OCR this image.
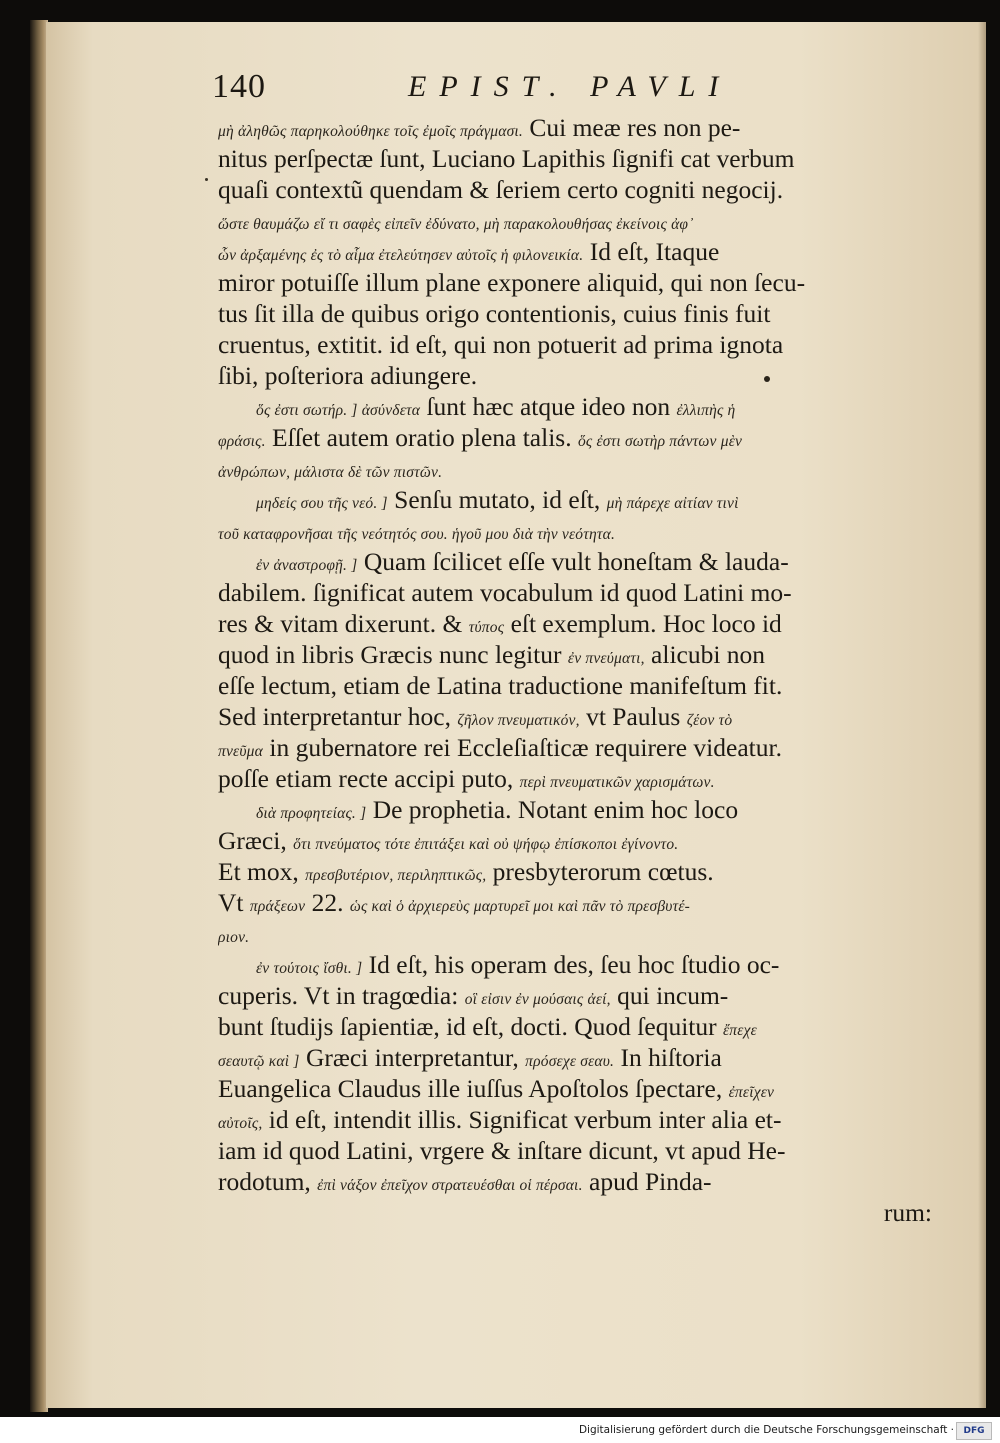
140	EPIST. PAVLI
μὴ ἀληθῶς παρηκολούθηκε τοῖς ἐμοῖς πράγμασι. Cui meæ res non pe-
nitus perſpectæ ſunt, Luciano Lapithis ſignifi cat verbum
quaſi contextũ quendam & ſeriem certo cogniti negocij.
ὥστε θαυμάζω εἴ τι σαφὲς εἰπεῖν ἐδύνατο, μὴ παρακολουθήσας ἐκείνοις ἀφ᾽
ὧν ἀρξαμένης ἐς τὸ αἷμα ἐτελεύτησεν αὐτοῖς ἡ φιλονεικία. Id eſt, Itaque
miror potuiſſe illum plane exponere aliquid, qui non ſecu-
tus ſit illa de quibus origo contentionis, cuius finis fuit
cruentus, extitit. id eſt, qui non potuerit ad prima ignota
ſibi, poſteriora adiungere.
ὅς ἐστι σωτήρ. ] ἀσύνδετα ſunt hæc atque ideo non ἐλλιπὴς ἡ
φράσις. Eſſet autem oratio plena talis. ὅς ἐστι σωτὴρ πάντων μὲν
ἀνθρώπων, μάλιστα δὲ τῶν πιστῶν.
μηδείς σου τῆς νεό. ] Senſu mutato, id eſt, μὴ πάρεχε αἰτίαν τινὶ
τοῦ καταφρονῆσαι τῆς νεότητός σου. ἡγοῦ μου διὰ τὴν νεότητα.
ἐν ἀναστροφῇ. ] Quam ſcilicet eſſe vult honeſtam & lauda-
dabilem. ſignificat autem vocabulum id quod Latini mo-
res & vitam dixerunt. & τύπος eſt exemplum. Hoc loco id
quod in libris Græcis nunc legitur ἐν πνεύματι, alicubi non
eſſe lectum, etiam de Latina traductione manifeſtum fit.
Sed interpretantur hoc, ζῆλον πνευματικόν, vt Paulus ζέον τὸ
πνεῦμα in gubernatore rei Eccleſiaſticæ requirere videatur.
poſſe etiam recte accipi puto, περὶ πνευματικῶν χαρισμάτων.
διὰ προφητείας. ] De prophetia. Notant enim hoc loco
Græci, ὅτι πνεύματος τότε ἐπιτάξει καὶ οὐ ψήφῳ ἐπίσκοποι ἐγίνοντο.
Et mox, πρεσβυτέριον, περιληπτικῶς, presbyterorum cœtus.
Vt πράξεων 22. ὡς καὶ ὁ ἀρχιερεὺς μαρτυρεῖ μοι καὶ πᾶν τὸ πρεσβυτέ-
ριον.
ἐν τούτοις ἴσθι. ] Id eſt, his operam des, ſeu hoc ſtudio oc-
cuperis. Vt in tragœdia: οἳ εἰσιν ἐν μούσαις ἀεί, qui incum-
bunt ſtudijs ſapientiæ, id eſt, docti. Quod ſequitur ἔπεχε
σεαυτῷ καὶ ] Græci interpretantur, πρόσεχε σεαυ. In hiſtoria
Euangelica Claudus ille iuſſus Apoſtolos ſpectare, ἐπεῖχεν
αὐτοῖς, id eſt, intendit illis. Significat verbum inter alia et-
iam id quod Latini, vrgere & inſtare dicunt, vt apud He-
rodotum, ἐπὶ νάξον ἐπεῖχον στρατευέσθαι οἱ πέρσαι. apud Pinda-
rum:
Digitalisierung gefördert durch die Deutsche Forschungsgemeinschaft ·	DFG
